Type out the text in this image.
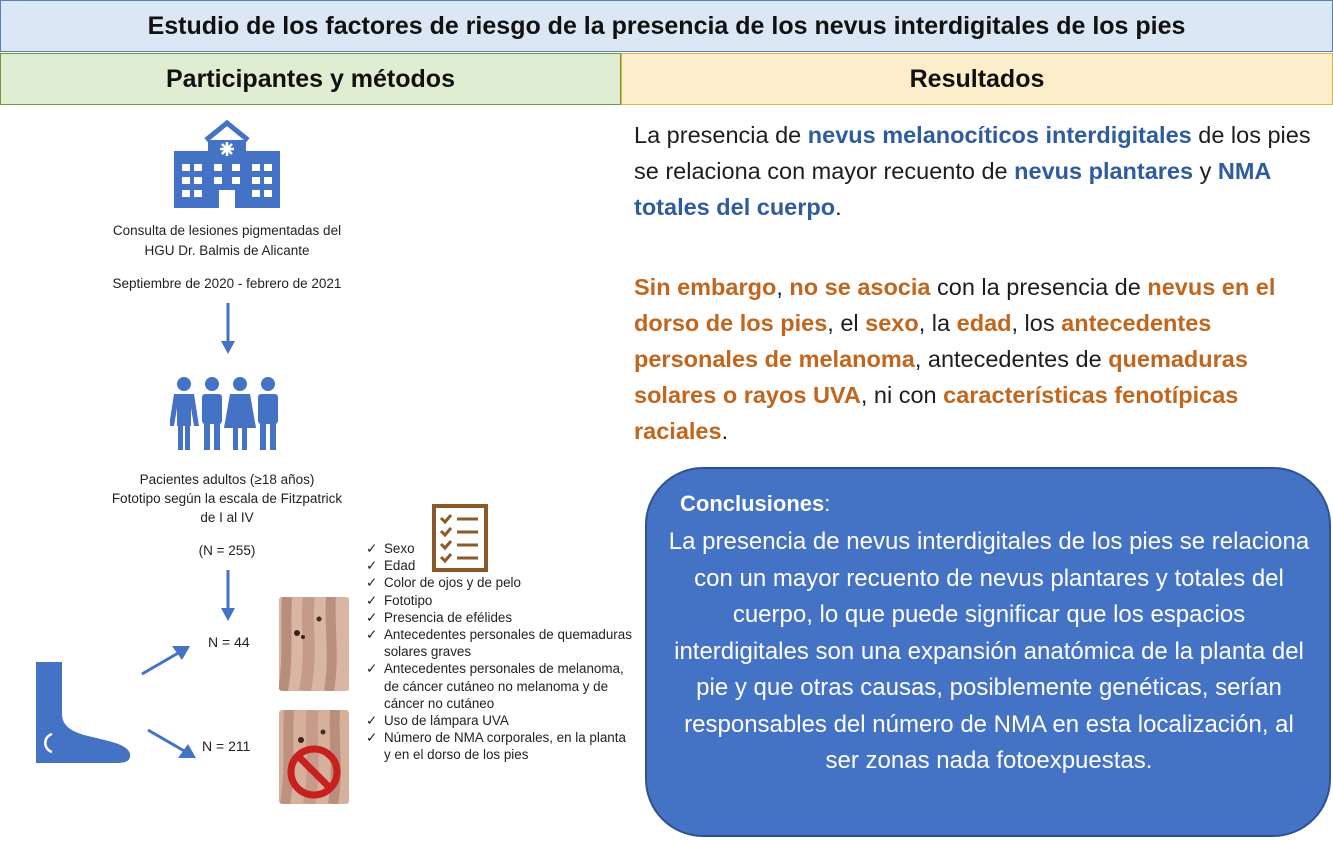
Estudio de los factores de riesgo de la presencia de los nevus interdigitales de los pies
Participantes y métodos	Resultados
Consulta de lesiones pigmentadas del
HGU Dr. Balmis de Alicante
Septiembre de 2020 - febrero de 2021
Pacientes adultos (≥18 años)
Fototipo según la escala de Fitzpatrick
de I al IV
(N = 255)
N = 44
N = 211
✓ Sexo
✓ Edad
✓ Color de ojos y de pelo
✓ Fototipo
✓ Presencia de efélides
✓ Antecedentes personales de quemaduras solares graves
✓ Antecedentes personales de melanoma, de cáncer cutáneo no melanoma y de cáncer no cutáneo
✓ Uso de lámpara UVA
✓ Número de NMA corporales, en la planta y en el dorso de los pies
La presencia de nevus melanocíticos interdigitales de los pies se relaciona con mayor recuento de nevus plantares y NMA totales del cuerpo.
Sin embargo, no se asocia con la presencia de nevus en el dorso de los pies, el sexo, la edad, los antecedentes personales de melanoma, antecedentes de quemaduras solares o rayos UVA, ni con características fenotípicas raciales.
Conclusiones:
La presencia de nevus interdigitales de los pies se relaciona con un mayor recuento de nevus plantares y totales del cuerpo, lo que puede significar que los espacios interdigitales son una expansión anatómica de la planta del pie y que otras causas, posiblemente genéticas, serían responsables del número de NMA en esta localización, al ser zonas nada fotoexpuestas.
